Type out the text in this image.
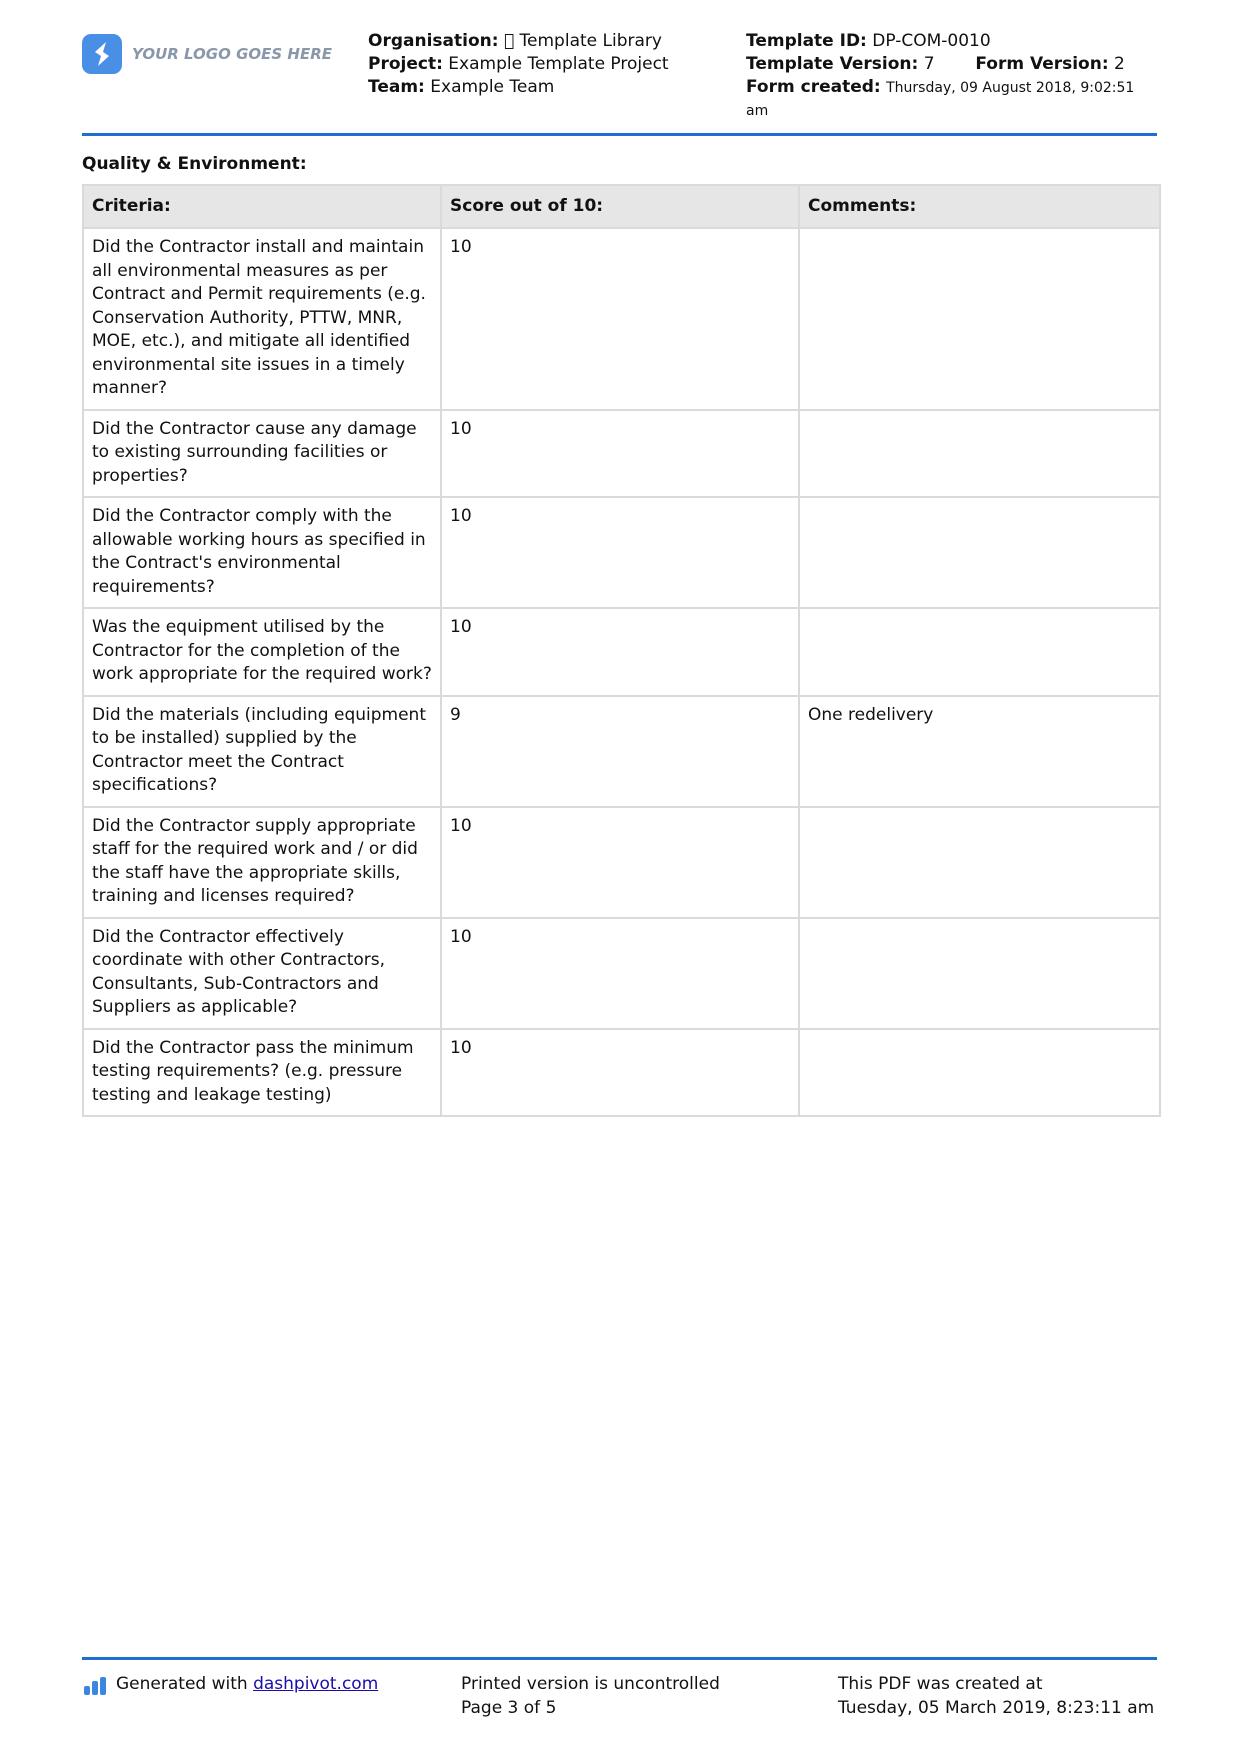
YOUR LOGO GOES HERE
Organisation: Template Library
Project: Example Template Project
Team: Example Team
Template ID: DP-COM-0010
Template Version: 7 Form Version: 2
Form created: Thursday, 09 August 2018, 9:02:51
am
Quality & Environment:
Criteria:	Score out of 10:	Comments:
Did the Contractor install and maintain all environmental measures as per Contract and Permit requirements (e.g. Conservation Authority, PTTW, MNR, MOE, etc.), and mitigate all identified environmental site issues in a timely manner?	10	
Did the Contractor cause any damage to existing surrounding facilities or properties?	10	
Did the Contractor comply with the allowable working hours as specified in the Contract's environmental requirements?	10	
Was the equipment utilised by the Contractor for the completion of the work appropriate for the required work?	10	
Did the materials (including equipment to be installed) supplied by the Contractor meet the Contract specifications?	9	One redelivery
Did the Contractor supply appropriate staff for the required work and / or did the staff have the appropriate skills, training and licenses required?	10	
Did the Contractor effectively coordinate with other Contractors, Consultants, Sub-Contractors and Suppliers as applicable?	10	
Did the Contractor pass the minimum testing requirements? (e.g. pressure testing and leakage testing)	10	
Generated with dashpivot.com	Printed version is uncontrolled
Page 3 of 5
This PDF was created at
Tuesday, 05 March 2019, 8:23:11 am
